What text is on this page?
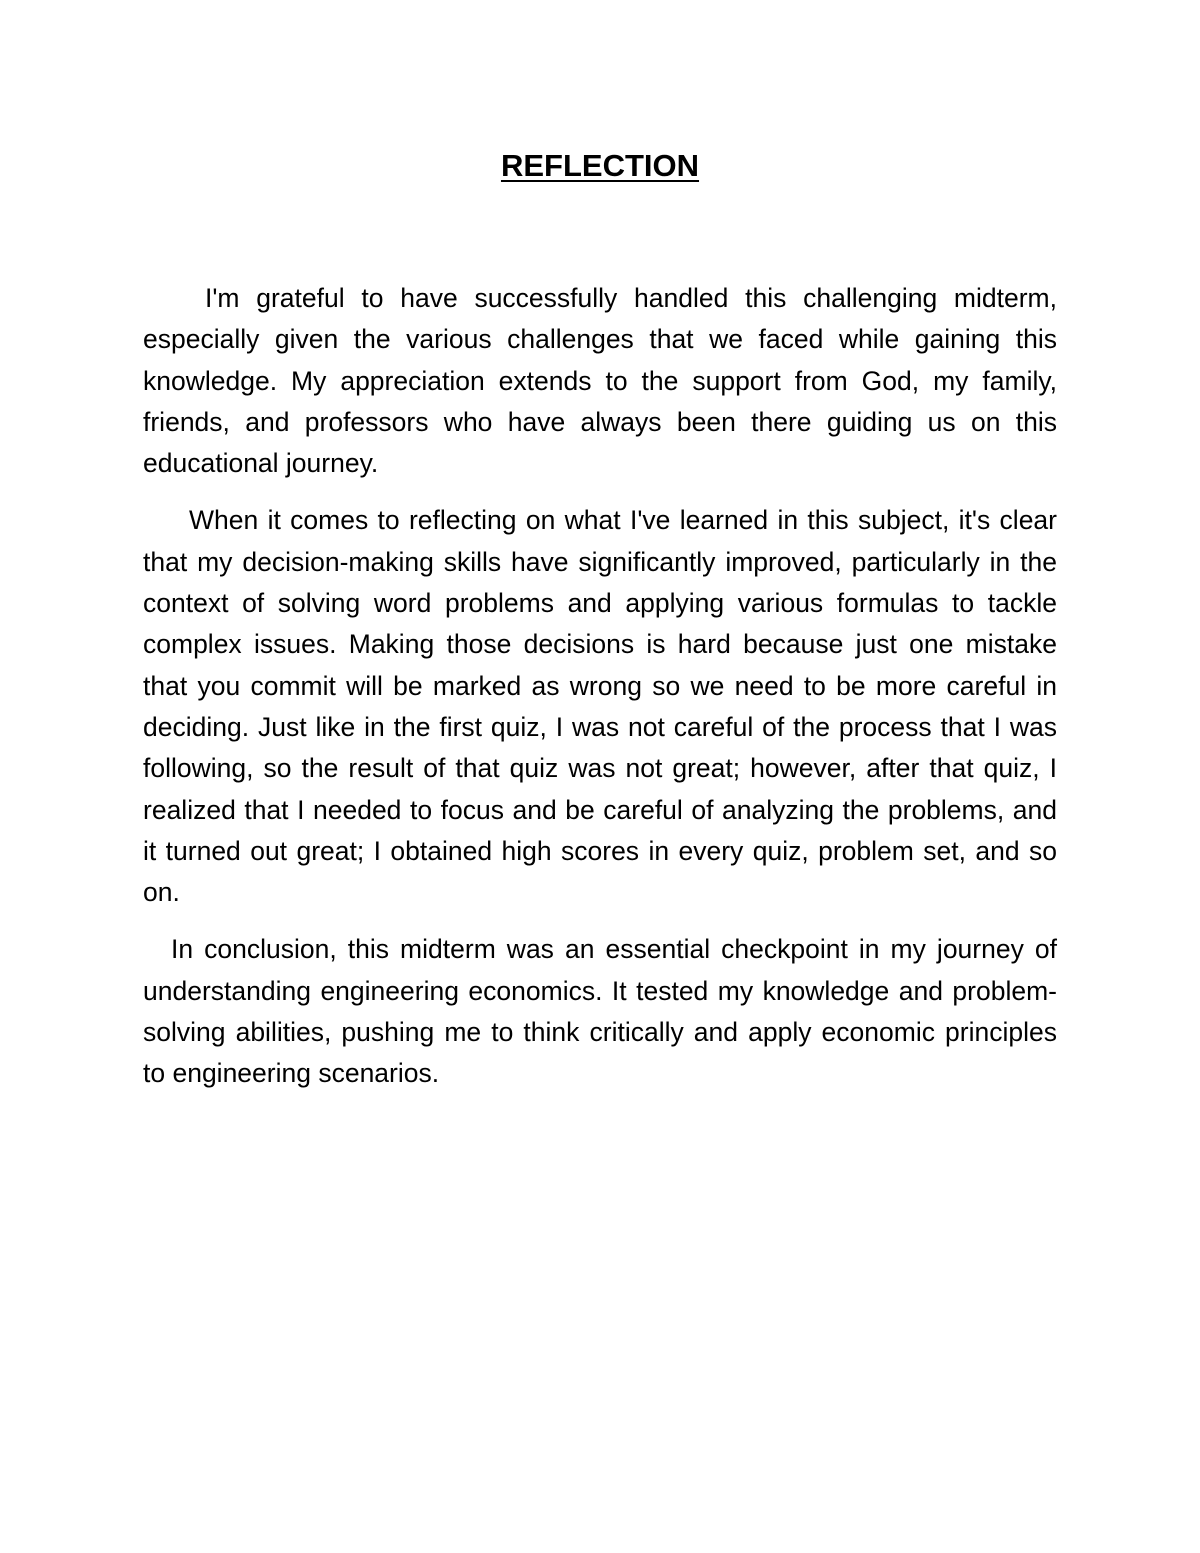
REFLECTION

I'm grateful to have successfully handled this challenging midterm, especially given the various challenges that we faced while gaining this knowledge. My appreciation extends to the support from God, my family, friends, and professors who have always been there guiding us on this educational journey.

When it comes to reflecting on what I've learned in this subject, it's clear that my decision-making skills have significantly improved, particularly in the context of solving word problems and applying various formulas to tackle complex issues. Making those decisions is hard because just one mistake that you commit will be marked as wrong so we need to be more careful in deciding. Just like in the first quiz, I was not careful of the process that I was following, so the result of that quiz was not great; however, after that quiz, I realized that I needed to focus and be careful of analyzing the problems, and it turned out great; I obtained high scores in every quiz, problem set, and so on.

In conclusion, this midterm was an essential checkpoint in my journey of understanding engineering economics. It tested my knowledge and problem-solving abilities, pushing me to think critically and apply economic principles to engineering scenarios.
